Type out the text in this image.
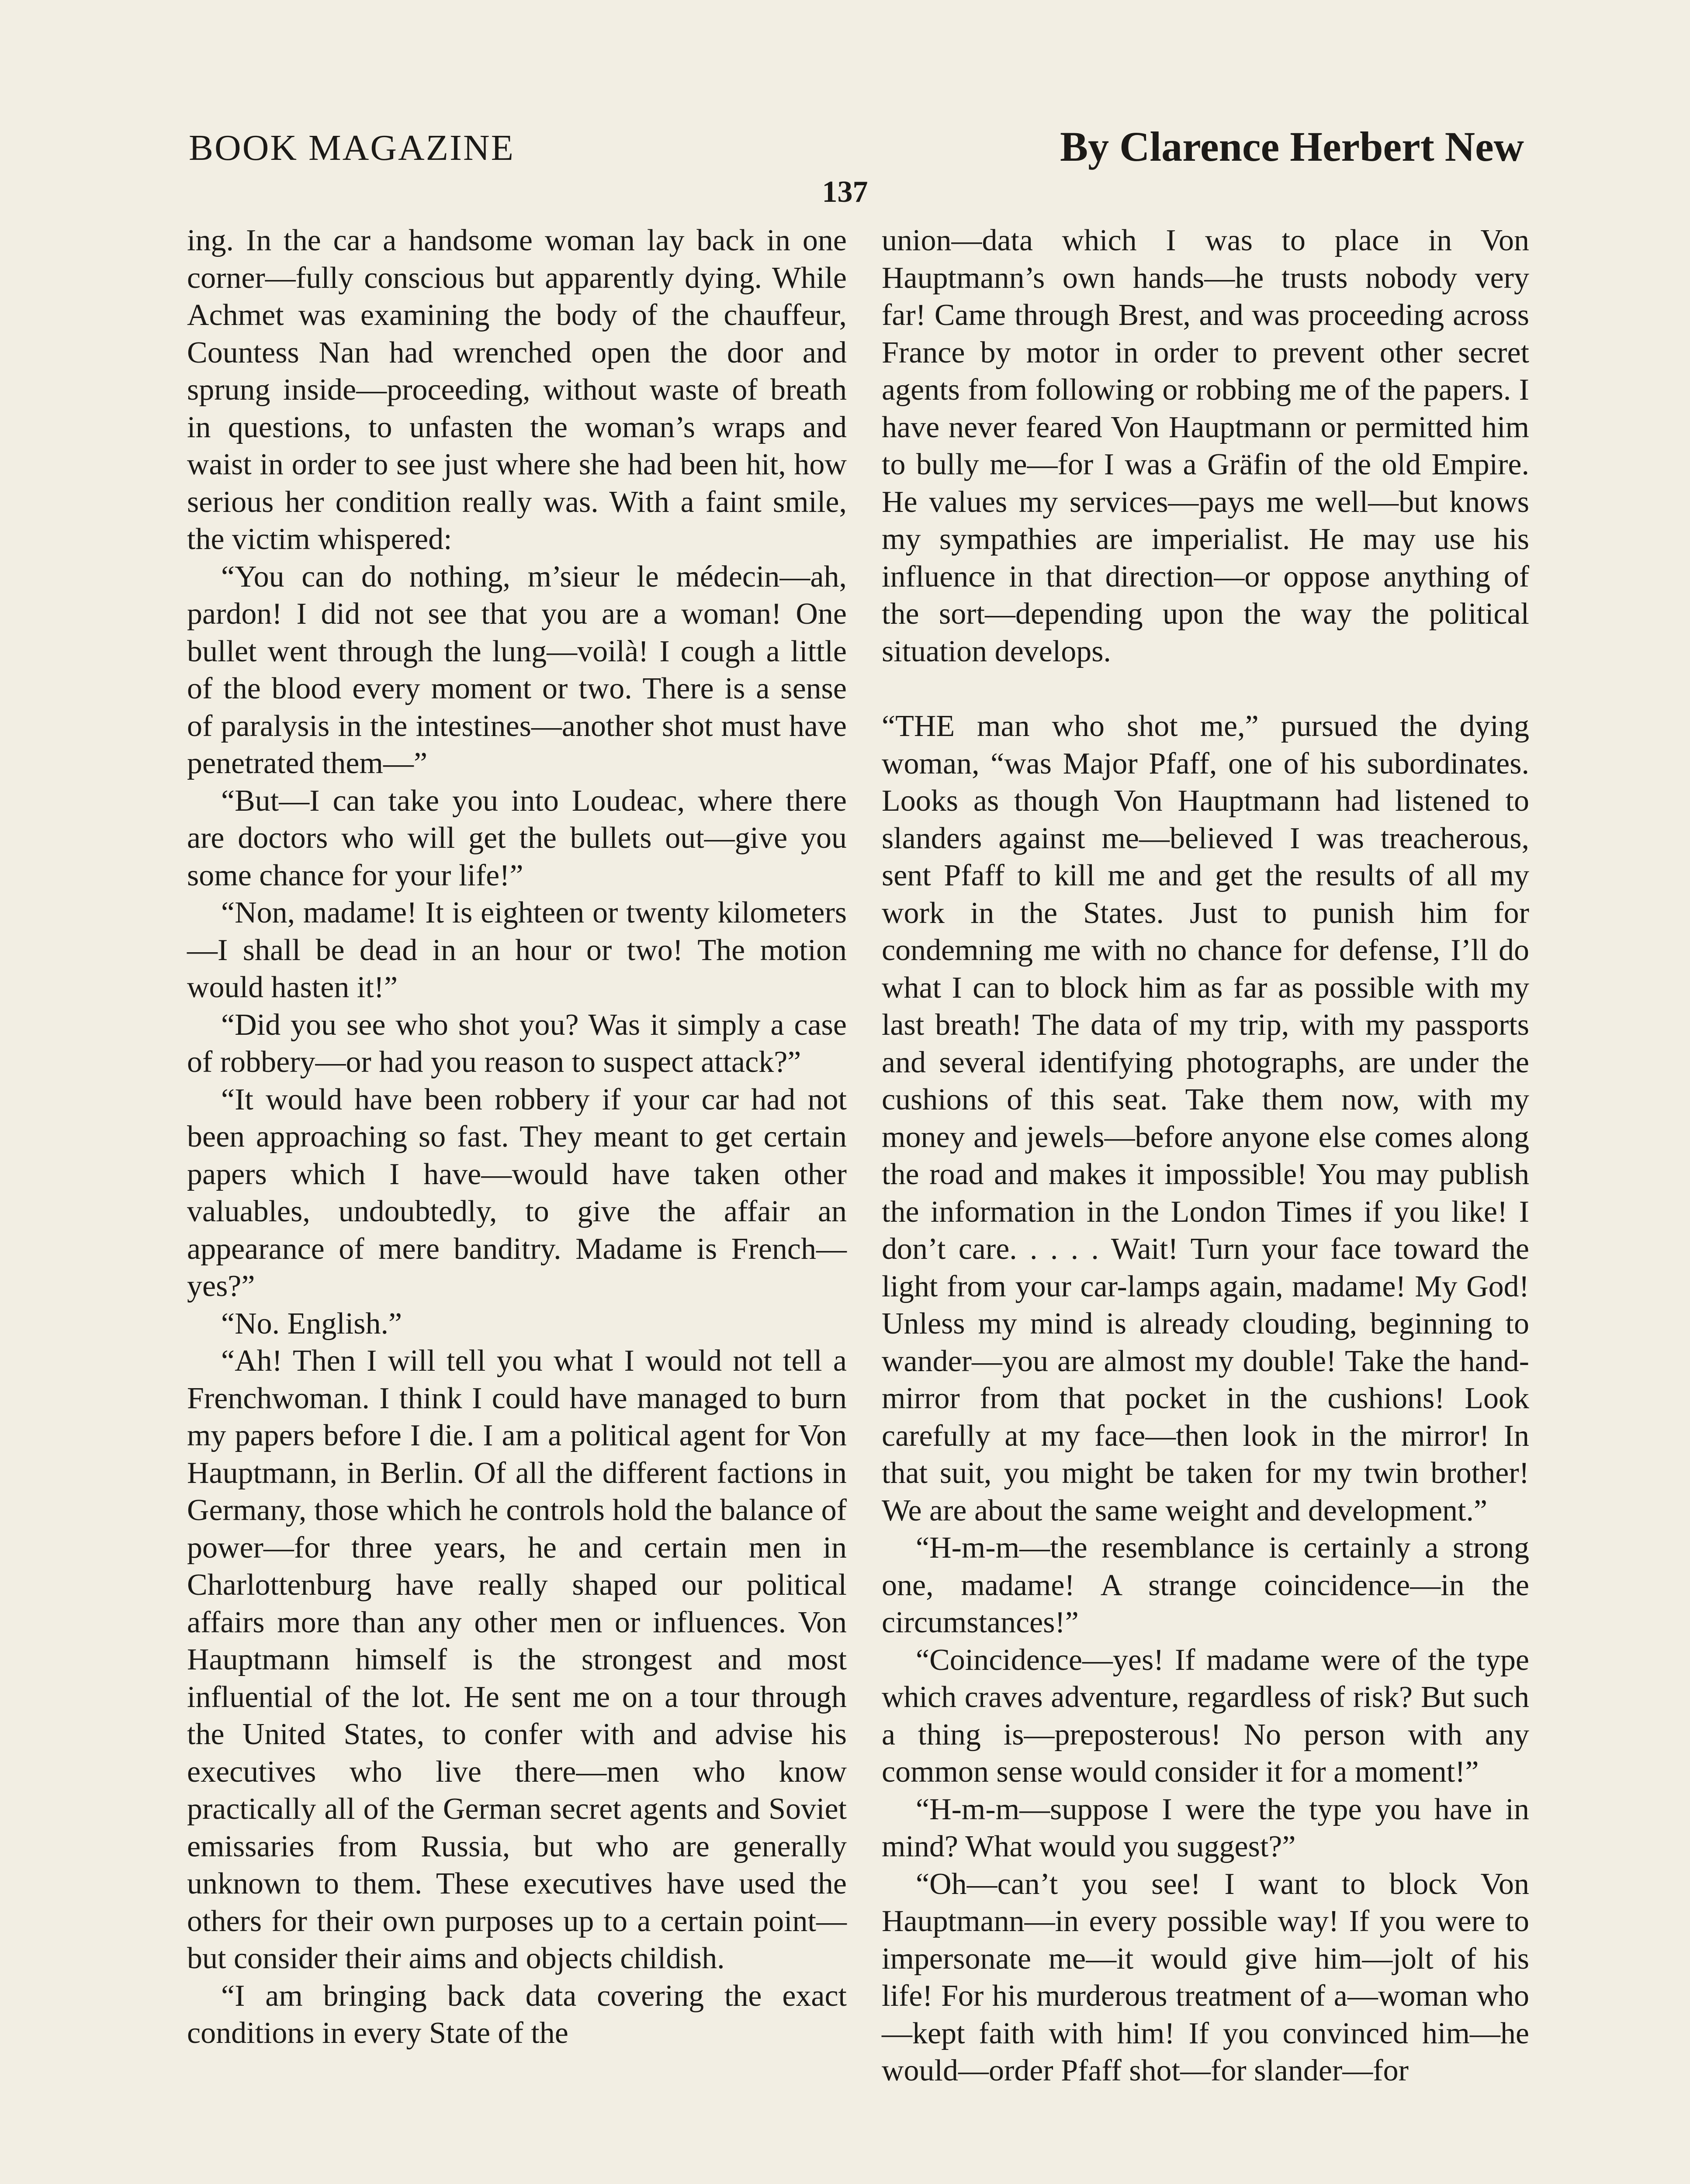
BOOK MAGAZINE	By Clarence Herbert New
137

ing. In the car a handsome woman lay back in one corner—fully conscious but apparently dying. While Achmet was examining the body of the chauffeur, Countess Nan had wrenched open the door and sprung inside—proceeding, without waste of breath in questions, to unfasten the woman’s wraps and waist in order to see just where she had been hit, how serious her condition really was. With a faint smile, the victim whispered:

“You can do nothing, m’sieur le médecin—ah, pardon! I did not see that you are a woman! One bullet went through the lung—voilà! I cough a little of the blood every moment or two. There is a sense of paralysis in the intestines—another shot must have penetrated them—”

“But—I can take you into Loudeac, where there are doctors who will get the bullets out—give you some chance for your life!”

“Non, madame! It is eighteen or twenty kilometers—I shall be dead in an hour or two! The motion would hasten it!”

“Did you see who shot you? Was it simply a case of robbery—or had you reason to suspect attack?”

“It would have been robbery if your car had not been approaching so fast. They meant to get certain papers which I have—would have taken other valuables, undoubtedly, to give the affair an appearance of mere banditry. Madame is French—yes?”

“No. English.”

“Ah! Then I will tell you what I would not tell a Frenchwoman. I think I could have managed to burn my papers before I die. I am a political agent for Von Hauptmann, in Berlin. Of all the different factions in Germany, those which he controls hold the balance of power—for three years, he and certain men in Charlottenburg have really shaped our political affairs more than any other men or influences. Von Hauptmann himself is the strongest and most influential of the lot. He sent me on a tour through the United States, to confer with and advise his executives who live there—men who know practically all of the German secret agents and Soviet emissaries from Russia, but who are generally unknown to them. These executives have used the others for their own purposes up to a certain point—but consider their aims and objects childish.

“I am bringing back data covering the exact conditions in every State of the

union—data which I was to place in Von Hauptmann’s own hands—he trusts nobody very far! Came through Brest, and was proceeding across France by motor in order to prevent other secret agents from following or robbing me of the papers. I have never feared Von Hauptmann or permitted him to bully me—for I was a Gräfin of the old Empire. He values my services—pays me well—but knows my sympathies are imperialist. He may use his influence in that direction—or oppose anything of the sort—depending upon the way the political situation develops.

“THE man who shot me,” pursued the dying woman, “was Major Pfaff, one of his subordinates. Looks as though Von Hauptmann had listened to slanders against me—believed I was treacherous, sent Pfaff to kill me and get the results of all my work in the States. Just to punish him for condemning me with no chance for defense, I’ll do what I can to block him as far as possible with my last breath! The data of my trip, with my passports and several identifying photographs, are under the cushions of this seat. Take them now, with my money and jewels—before anyone else comes along the road and makes it impossible! You may publish the information in the London Times if you like! I don’t care. . . . . Wait! Turn your face toward the light from your car-lamps again, madame! My God! Unless my mind is already clouding, beginning to wander—you are almost my double! Take the hand-mirror from that pocket in the cushions! Look carefully at my face—then look in the mirror! In that suit, you might be taken for my twin brother! We are about the same weight and development.”

“H-m-m—the resemblance is certainly a strong one, madame! A strange coincidence—in the circumstances!”

“Coincidence—yes! If madame were of the type which craves adventure, regardless of risk? But such a thing is—preposterous! No person with any common sense would consider it for a moment!”

“H-m-m—suppose I were the type you have in mind? What would you suggest?”

“Oh—can’t you see! I want to block Von Hauptmann—in every possible way! If you were to impersonate me—it would give him—jolt of his life! For his murderous treatment of a—woman who—kept faith with him! If you convinced him—he would—order Pfaff shot—for slander—for
